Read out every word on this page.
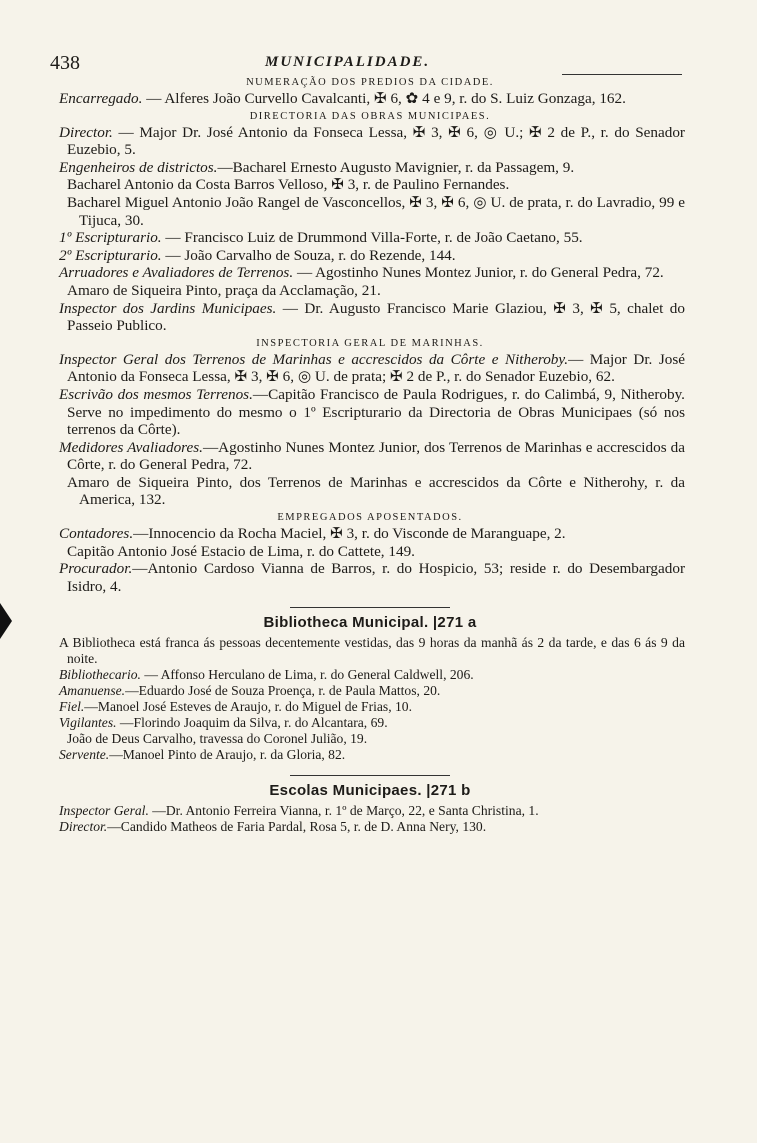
438	MUNICIPALIDADE.
NUMERAÇÃO DOS PREDIOS DA CIDADE.

Encarregado. — Alferes João Curvello Cavalcanti, ✠ 6, ✿ 4 e 9, r. do S. Luiz Gonzaga, 162.

DIRECTORIA DAS OBRAS MUNICIPAES.

Director. — Major Dr. José Antonio da Fonseca Lessa, ✠ 3, ✠ 6, ◎ U.; ✠ 2 de P., r. do Senador Euzebio, 5.

Engenheiros de districtos.—Bacharel Ernesto Augusto Mavignier, r. da Passagem, 9.

Bacharel Antonio da Costa Barros Velloso, ✠ 3, r. de Paulino Fernandes.

Bacharel Miguel Antonio João Rangel de Vasconcellos, ✠ 3, ✠ 6, ◎ U. de prata, r. do Lavradio, 99 e Tijuca, 30.

1º Escripturario. — Francisco Luiz de Drummond Villa-Forte, r. de João Caetano, 55.

2º Escripturario. — João Carvalho de Souza, r. do Rezende, 144.

Arruadores e Avaliadores de Terrenos. — Agostinho Nunes Montez Junior, r. do General Pedra, 72.

Amaro de Siqueira Pinto, praça da Acclamação, 21.

Inspector dos Jardins Municipaes. — Dr. Augusto Francisco Marie Glaziou, ✠ 3, ✠ 5, chalet do Passeio Publico.

INSPECTORIA GERAL DE MARINHAS.

Inspector Geral dos Terrenos de Marinhas e accrescidos da Côrte e Nitheroby.— Major Dr. José Antonio da Fonseca Lessa, ✠ 3, ✠ 6, ◎ U. de prata; ✠ 2 de P., r. do Senador Euzebio, 62.

Escrivão dos mesmos Terrenos.—Capitão Francisco de Paula Rodrigues, r. do Calimbá, 9, Nitheroby. Serve no impedimento do mesmo o 1º Escripturario da Directoria de Obras Municipaes (só nos terrenos da Côrte).

Medidores Avaliadores.—Agostinho Nunes Montez Junior, dos Terrenos de Marinhas e accrescidos da Côrte, r. do General Pedra, 72.

Amaro de Siqueira Pinto, dos Terrenos de Marinhas e accrescidos da Côrte e Nitherohy, r. da America, 132.

EMPREGADOS APOSENTADOS.

Contadores.—Innocencio da Rocha Maciel, ✠ 3, r. do Visconde de Maranguape, 2.

Capitão Antonio José Estacio de Lima, r. do Cattete, 149.

Procurador.—Antonio Cardoso Vianna de Barros, r. do Hospicio, 53; reside r. do Desembargador Isidro, 4.

Bibliotheca Municipal. |271 a

A Bibliotheca está franca ás pessoas decentemente vestidas, das 9 horas da manhã ás 2 da tarde, e das 6 ás 9 da noite.

Bibliothecario. — Affonso Herculano de Lima, r. do General Caldwell, 206.

Amanuense.—Eduardo José de Souza Proença, r. de Paula Mattos, 20.

Fiel.—Manoel José Esteves de Araujo, r. do Miguel de Frias, 10.

Vigilantes. —Florindo Joaquim da Silva, r. do Alcantara, 69.

João de Deus Carvalho, travessa do Coronel Julião, 19.

Servente.—Manoel Pinto de Araujo, r. da Gloria, 82.

Escolas Municipaes. |271 b

Inspector Geral. —Dr. Antonio Ferreira Vianna, r. 1º de Março, 22, e Santa Christina, 1.

Director.—Candido Matheos de Faria Pardal, Rosa 5, r. de D. Anna Nery, 130.
